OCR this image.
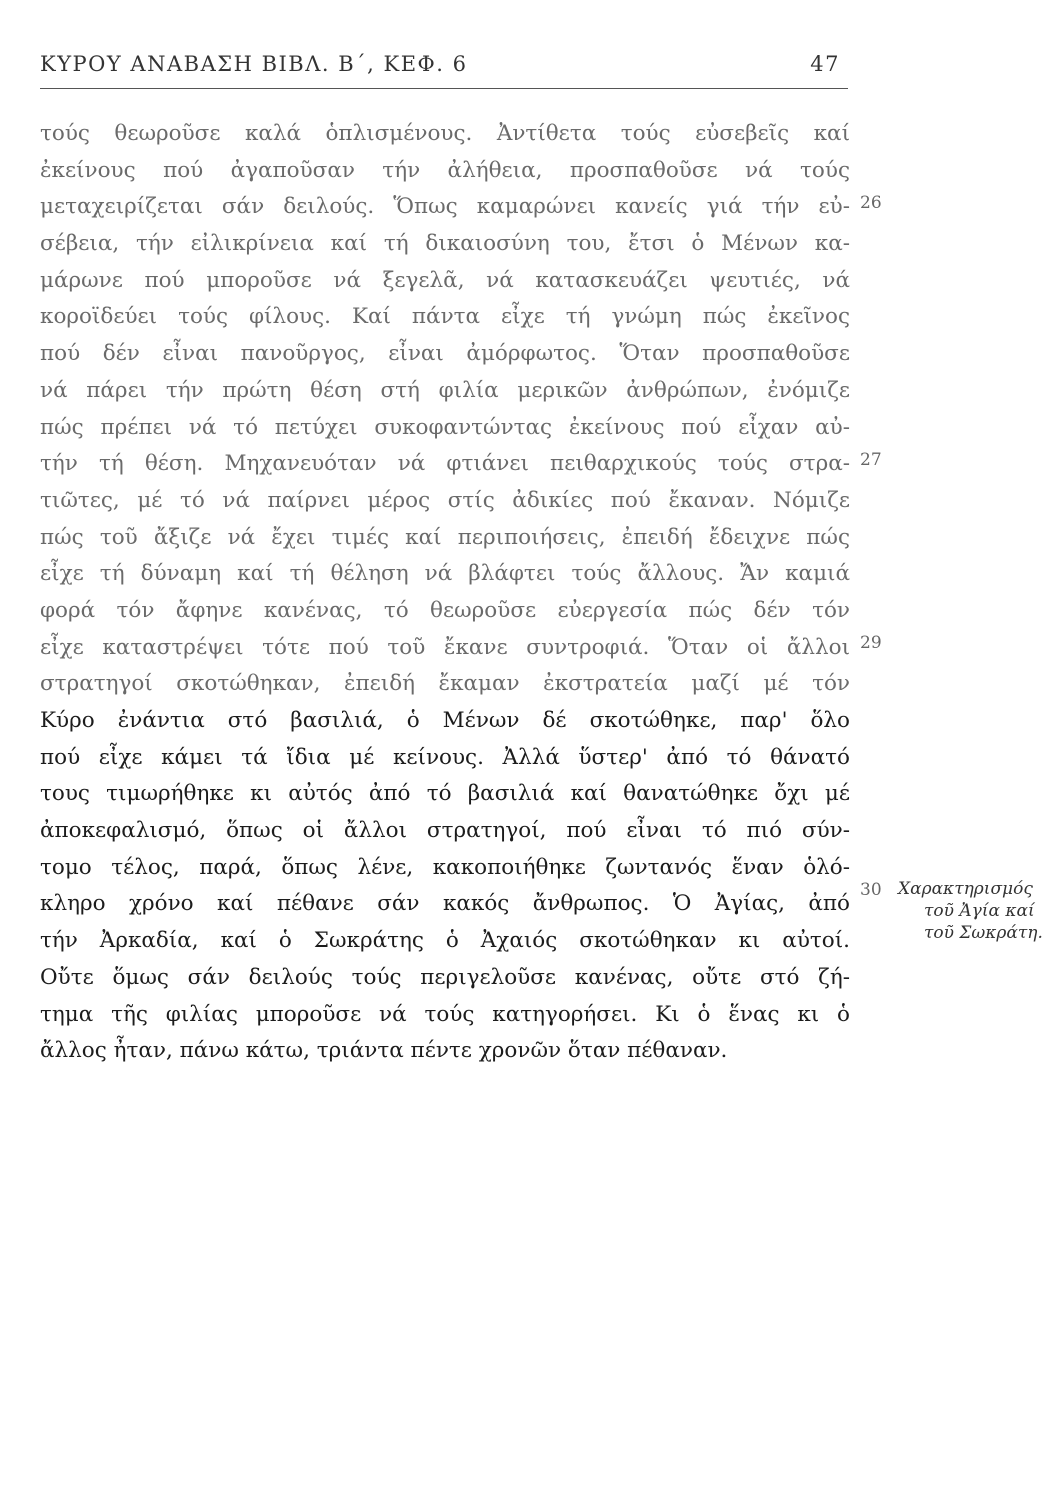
ΚΥΡΟΥ ΑΝΑΒΑΣΗ ΒΙΒΛ. Β΄, ΚΕΦ. 6	47
τούς θεωροῦσε καλά ὁπλισμένους. Ἀντίθετα τούς εὐσεβεῖς καί
ἐκείνους πού ἀγαποῦσαν τήν ἀλήθεια, προσπαθοῦσε νά τούς
μεταχειρίζεται σάν δειλούς. Ὅπως καμαρώνει κανείς γιά τήν εὐ-
σέβεια, τήν εἰλικρίνεια καί τή δικαιοσύνη του, ἔτσι ὁ Μένων κα-
μάρωνε πού μποροῦσε νά ξεγελᾶ, νά κατασκευάζει ψευτιές, νά
κοροϊδεύει τούς φίλους. Καί πάντα εἶχε τή γνώμη πώς ἐκεῖνος
πού δέν εἶναι πανοῦργος, εἶναι ἀμόρφωτος. Ὅταν προσπαθοῦσε
νά πάρει τήν πρώτη θέση στή φιλία μερικῶν ἀνθρώπων, ἐνόμιζε
πώς πρέπει νά τό πετύχει συκοφαντώντας ἐκείνους πού εἶχαν αὐ-
τήν τή θέση. Μηχανευόταν νά φτιάνει πειθαρχικούς τούς στρα-
τιῶτες, μέ τό νά παίρνει μέρος στίς ἀδικίες πού ἔκαναν. Νόμιζε
πώς τοῦ ἄξιζε νά ἔχει τιμές καί περιποιήσεις, ἐπειδή ἔδειχνε πώς
εἶχε τή δύναμη καί τή θέληση νά βλάφτει τούς ἄλλους. Ἄν καμιά
φορά τόν ἄφηνε κανένας, τό θεωροῦσε εὐεργεσία πώς δέν τόν
εἶχε καταστρέψει τότε πού τοῦ ἔκανε συντροφιά. Ὅταν οἱ ἄλλοι
στρατηγοί σκοτώθηκαν, ἐπειδή ἔκαμαν ἐκστρατεία μαζί μέ τόν
Κύρο ἐνάντια στό βασιλιά, ὁ Μένων δέ σκοτώθηκε, παρ' ὅλο
πού εἶχε κάμει τά ἴδια μέ κείνους. Ἀλλά ὕστερ' ἀπό τό θάνατό
τους τιμωρήθηκε κι αὐτός ἀπό τό βασιλιά καί θανατώθηκε ὄχι μέ
ἀποκεφαλισμό, ὅπως οἱ ἄλλοι στρατηγοί, πού εἶναι τό πιό σύν-
τομο τέλος, παρά, ὅπως λένε, κακοποιήθηκε ζωντανός ἕναν ὁλό-
κληρο χρόνο καί πέθανε σάν κακός ἄνθρωπος. Ὁ Ἀγίας, ἀπό
τήν Ἀρκαδία, καί ὁ Σωκράτης ὁ Ἀχαιός σκοτώθηκαν κι αὐτοί.
Οὔτε ὅμως σάν δειλούς τούς περιγελοῦσε κανένας, οὔτε στό ζή-
τημα τῆς φιλίας μποροῦσε νά τούς κατηγορήσει. Κι ὁ ἕνας κι ὁ
ἄλλος ἦταν, πάνω κάτω, τριάντα πέντε χρονῶν ὅταν πέθαναν.
26
27
29
30 Χαρακτηρισμός
τοῦ Ἀγία καί
τοῦ Σωκράτη.
